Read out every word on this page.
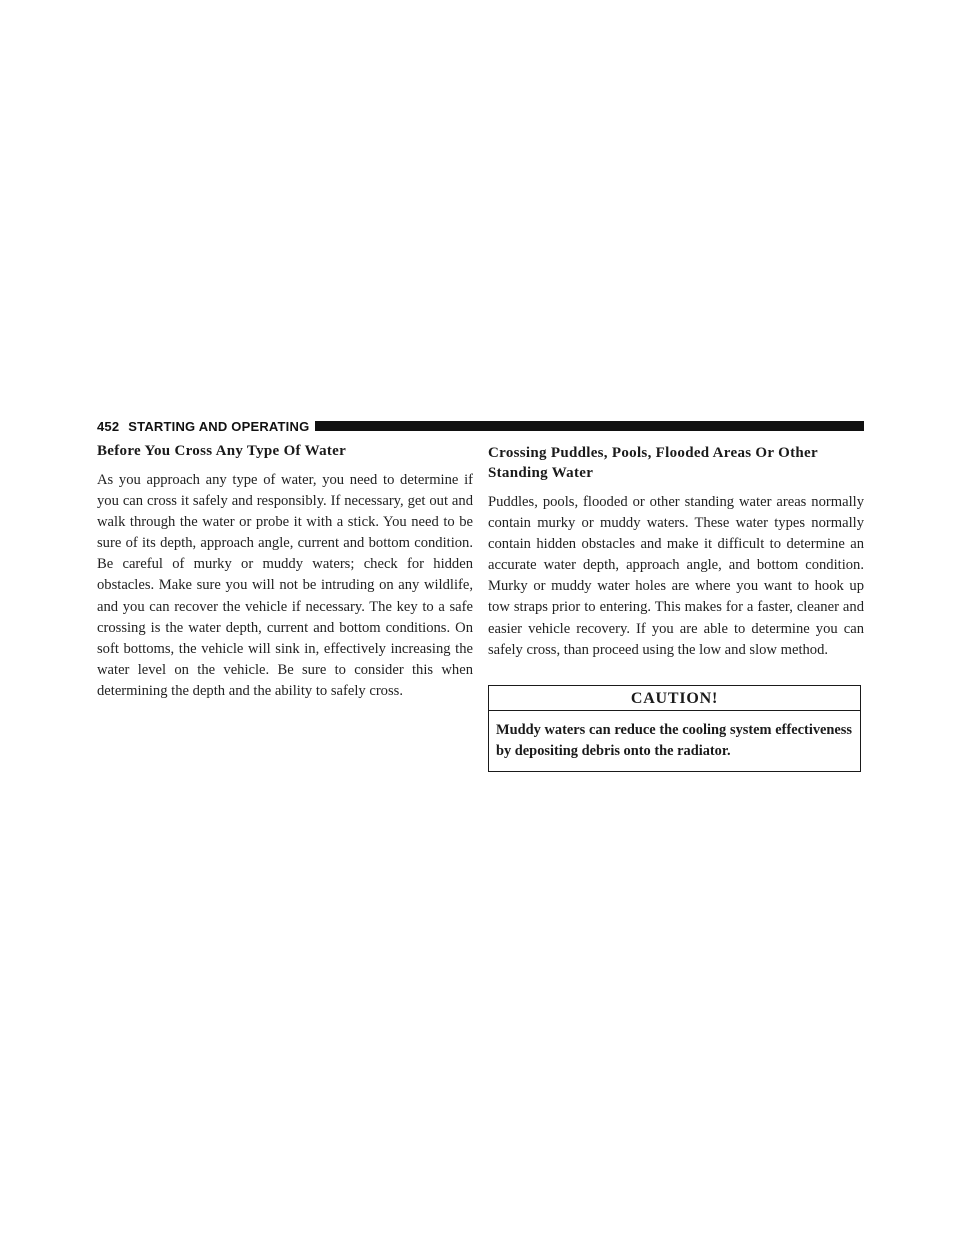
452 STARTING AND OPERATING
Before You Cross Any Type Of Water

As you approach any type of water, you need to determine if you can cross it safely and responsibly. If necessary, get out and walk through the water or probe it with a stick. You need to be sure of its depth, approach angle, current and bottom condition. Be careful of murky or muddy waters; check for hidden obstacles. Make sure you will not be intruding on any wildlife, and you can recover the vehicle if necessary. The key to a safe crossing is the water depth, current and bottom conditions. On soft bottoms, the vehicle will sink in, effectively increasing the water level on the vehicle. Be sure to consider this when determining the depth and the ability to safely cross.

Crossing Puddles, Pools, Flooded Areas Or Other Standing Water

Puddles, pools, flooded or other standing water areas normally contain murky or muddy waters. These water types normally contain hidden obstacles and make it difficult to determine an accurate water depth, approach angle, and bottom condition. Murky or muddy water holes are where you want to hook up tow straps prior to entering. This makes for a faster, cleaner and easier vehicle recovery. If you are able to determine you can safely cross, than proceed using the low and slow method.

CAUTION!
Muddy waters can reduce the cooling system effectiveness by depositing debris onto the radiator.
